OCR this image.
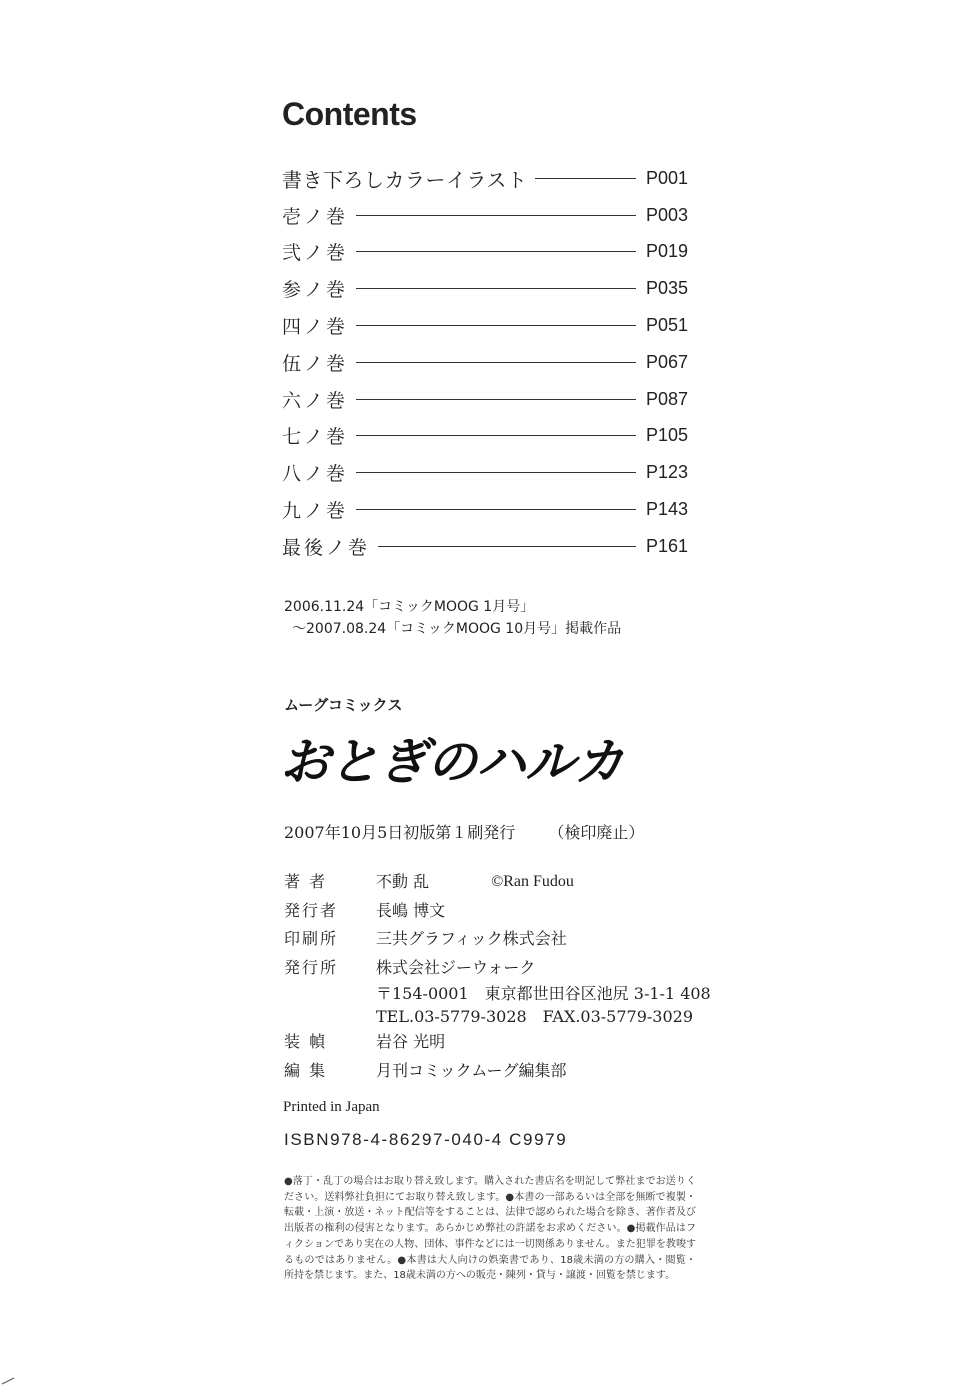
Contents
書き下ろしカラーイラスト	P001
壱ノ巻	P003
弐ノ巻	P019
参ノ巻	P035
四ノ巻	P051
伍ノ巻	P067
六ノ巻	P087
七ノ巻	P105
八ノ巻	P123
九ノ巻	P143
最後ノ巻	P161
2006.11.24「コミックMOOG 1月号」
～2007.08.24「コミックMOOG 10月号」掲載作品
ムーグコミックス
おとぎのハルカ
2007年10月5日初版第１刷発行 （検印廃止）
著 者	不動 乱	©Ran Fudou
発行者	長嶋 博文
印刷所	三共グラフィック株式会社
発行所	株式会社ジーウォーク
〒154-0001 東京都世田谷区池尻 3-1-1 408
TEL.03-5779-3028 FAX.03-5779-3029
装 幀	岩谷 光明
編 集	月刊コミックムーグ編集部
Printed in Japan
ISBN978-4-86297-040-4 C9979
●落丁・乱丁の場合はお取り替え致します。購入された書店名を明記して弊社までお送りください。送料弊社負担にてお取り替え致します。●本書の一部あるいは全部を無断で複製・転載・上演・放送・ネット配信等をすることは、法律で認められた場合を除き、著作者及び出版者の権利の侵害となります。あらかじめ弊社の許諾をお求めください。●掲載作品はフィクションであり実在の人物、団体、事件などには一切関係ありません。また犯罪を教唆するものではありません。●本書は大人向けの娯楽書であり、18歳未満の方の購入・閲覧・所持を禁じます。また、18歳未満の方への販売・陳列・貸与・譲渡・回覧を禁じます。
